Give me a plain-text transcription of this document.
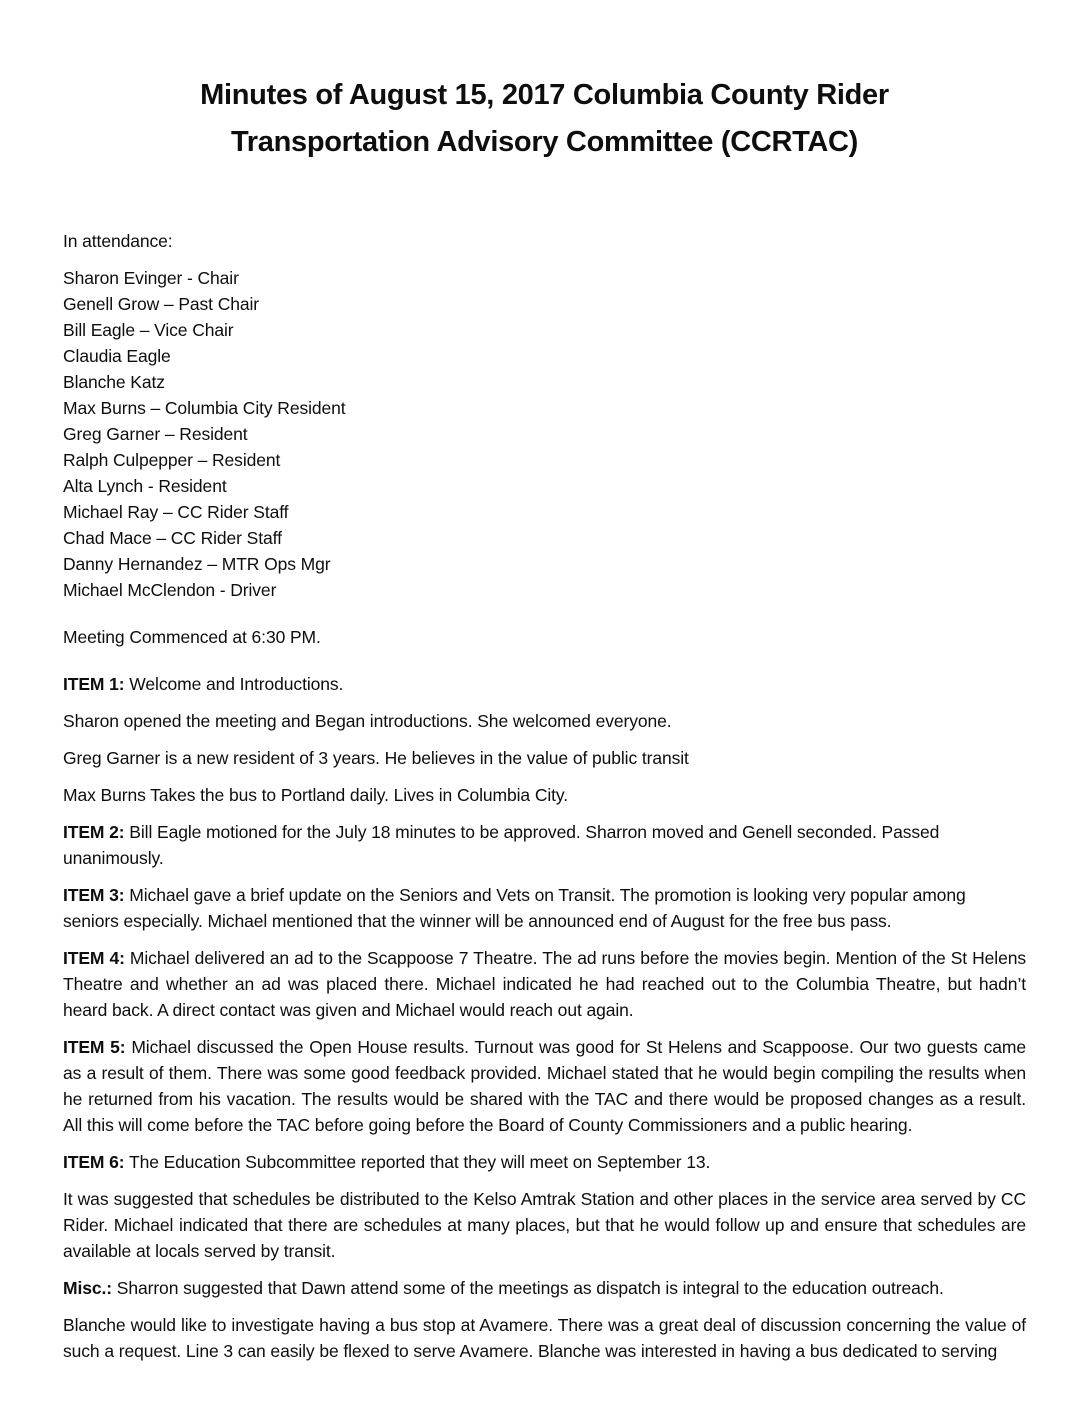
Minutes of August 15, 2017 Columbia County Rider
Transportation Advisory Committee (CCRTAC)

In attendance:

Sharon Evinger - Chair
Genell Grow – Past Chair
Bill Eagle – Vice Chair
Claudia Eagle
Blanche Katz
Max Burns – Columbia City Resident
Greg Garner – Resident
Ralph Culpepper – Resident
Alta Lynch - Resident
Michael Ray – CC Rider Staff
Chad Mace – CC Rider Staff
Danny Hernandez – MTR Ops Mgr
Michael McClendon - Driver

Meeting Commenced at 6:30 PM.

ITEM 1: Welcome and Introductions.

Sharon opened the meeting and Began introductions. She welcomed everyone.

Greg Garner is a new resident of 3 years. He believes in the value of public transit

Max Burns Takes the bus to Portland daily. Lives in Columbia City.

ITEM 2: Bill Eagle motioned for the July 18 minutes to be approved. Sharron moved and Genell seconded. Passed unanimously.

ITEM 3: Michael gave a brief update on the Seniors and Vets on Transit. The promotion is looking very popular among seniors especially. Michael mentioned that the winner will be announced end of August for the free bus pass.

ITEM 4: Michael delivered an ad to the Scappoose 7 Theatre. The ad runs before the movies begin. Mention of the St Helens Theatre and whether an ad was placed there. Michael indicated he had reached out to the Columbia Theatre, but hadn’t heard back. A direct contact was given and Michael would reach out again.

ITEM 5: Michael discussed the Open House results. Turnout was good for St Helens and Scappoose. Our two guests came as a result of them. There was some good feedback provided. Michael stated that he would begin compiling the results when he returned from his vacation. The results would be shared with the TAC and there would be proposed changes as a result. All this will come before the TAC before going before the Board of County Commissioners and a public hearing.

ITEM 6: The Education Subcommittee reported that they will meet on September 13.

It was suggested that schedules be distributed to the Kelso Amtrak Station and other places in the service area served by CC Rider. Michael indicated that there are schedules at many places, but that he would follow up and ensure that schedules are available at locals served by transit.

Misc.: Sharron suggested that Dawn attend some of the meetings as dispatch is integral to the education outreach.

Blanche would like to investigate having a bus stop at Avamere. There was a great deal of discussion concerning the value of such a request. Line 3 can easily be flexed to serve Avamere. Blanche was interested in having a bus dedicated to serving
